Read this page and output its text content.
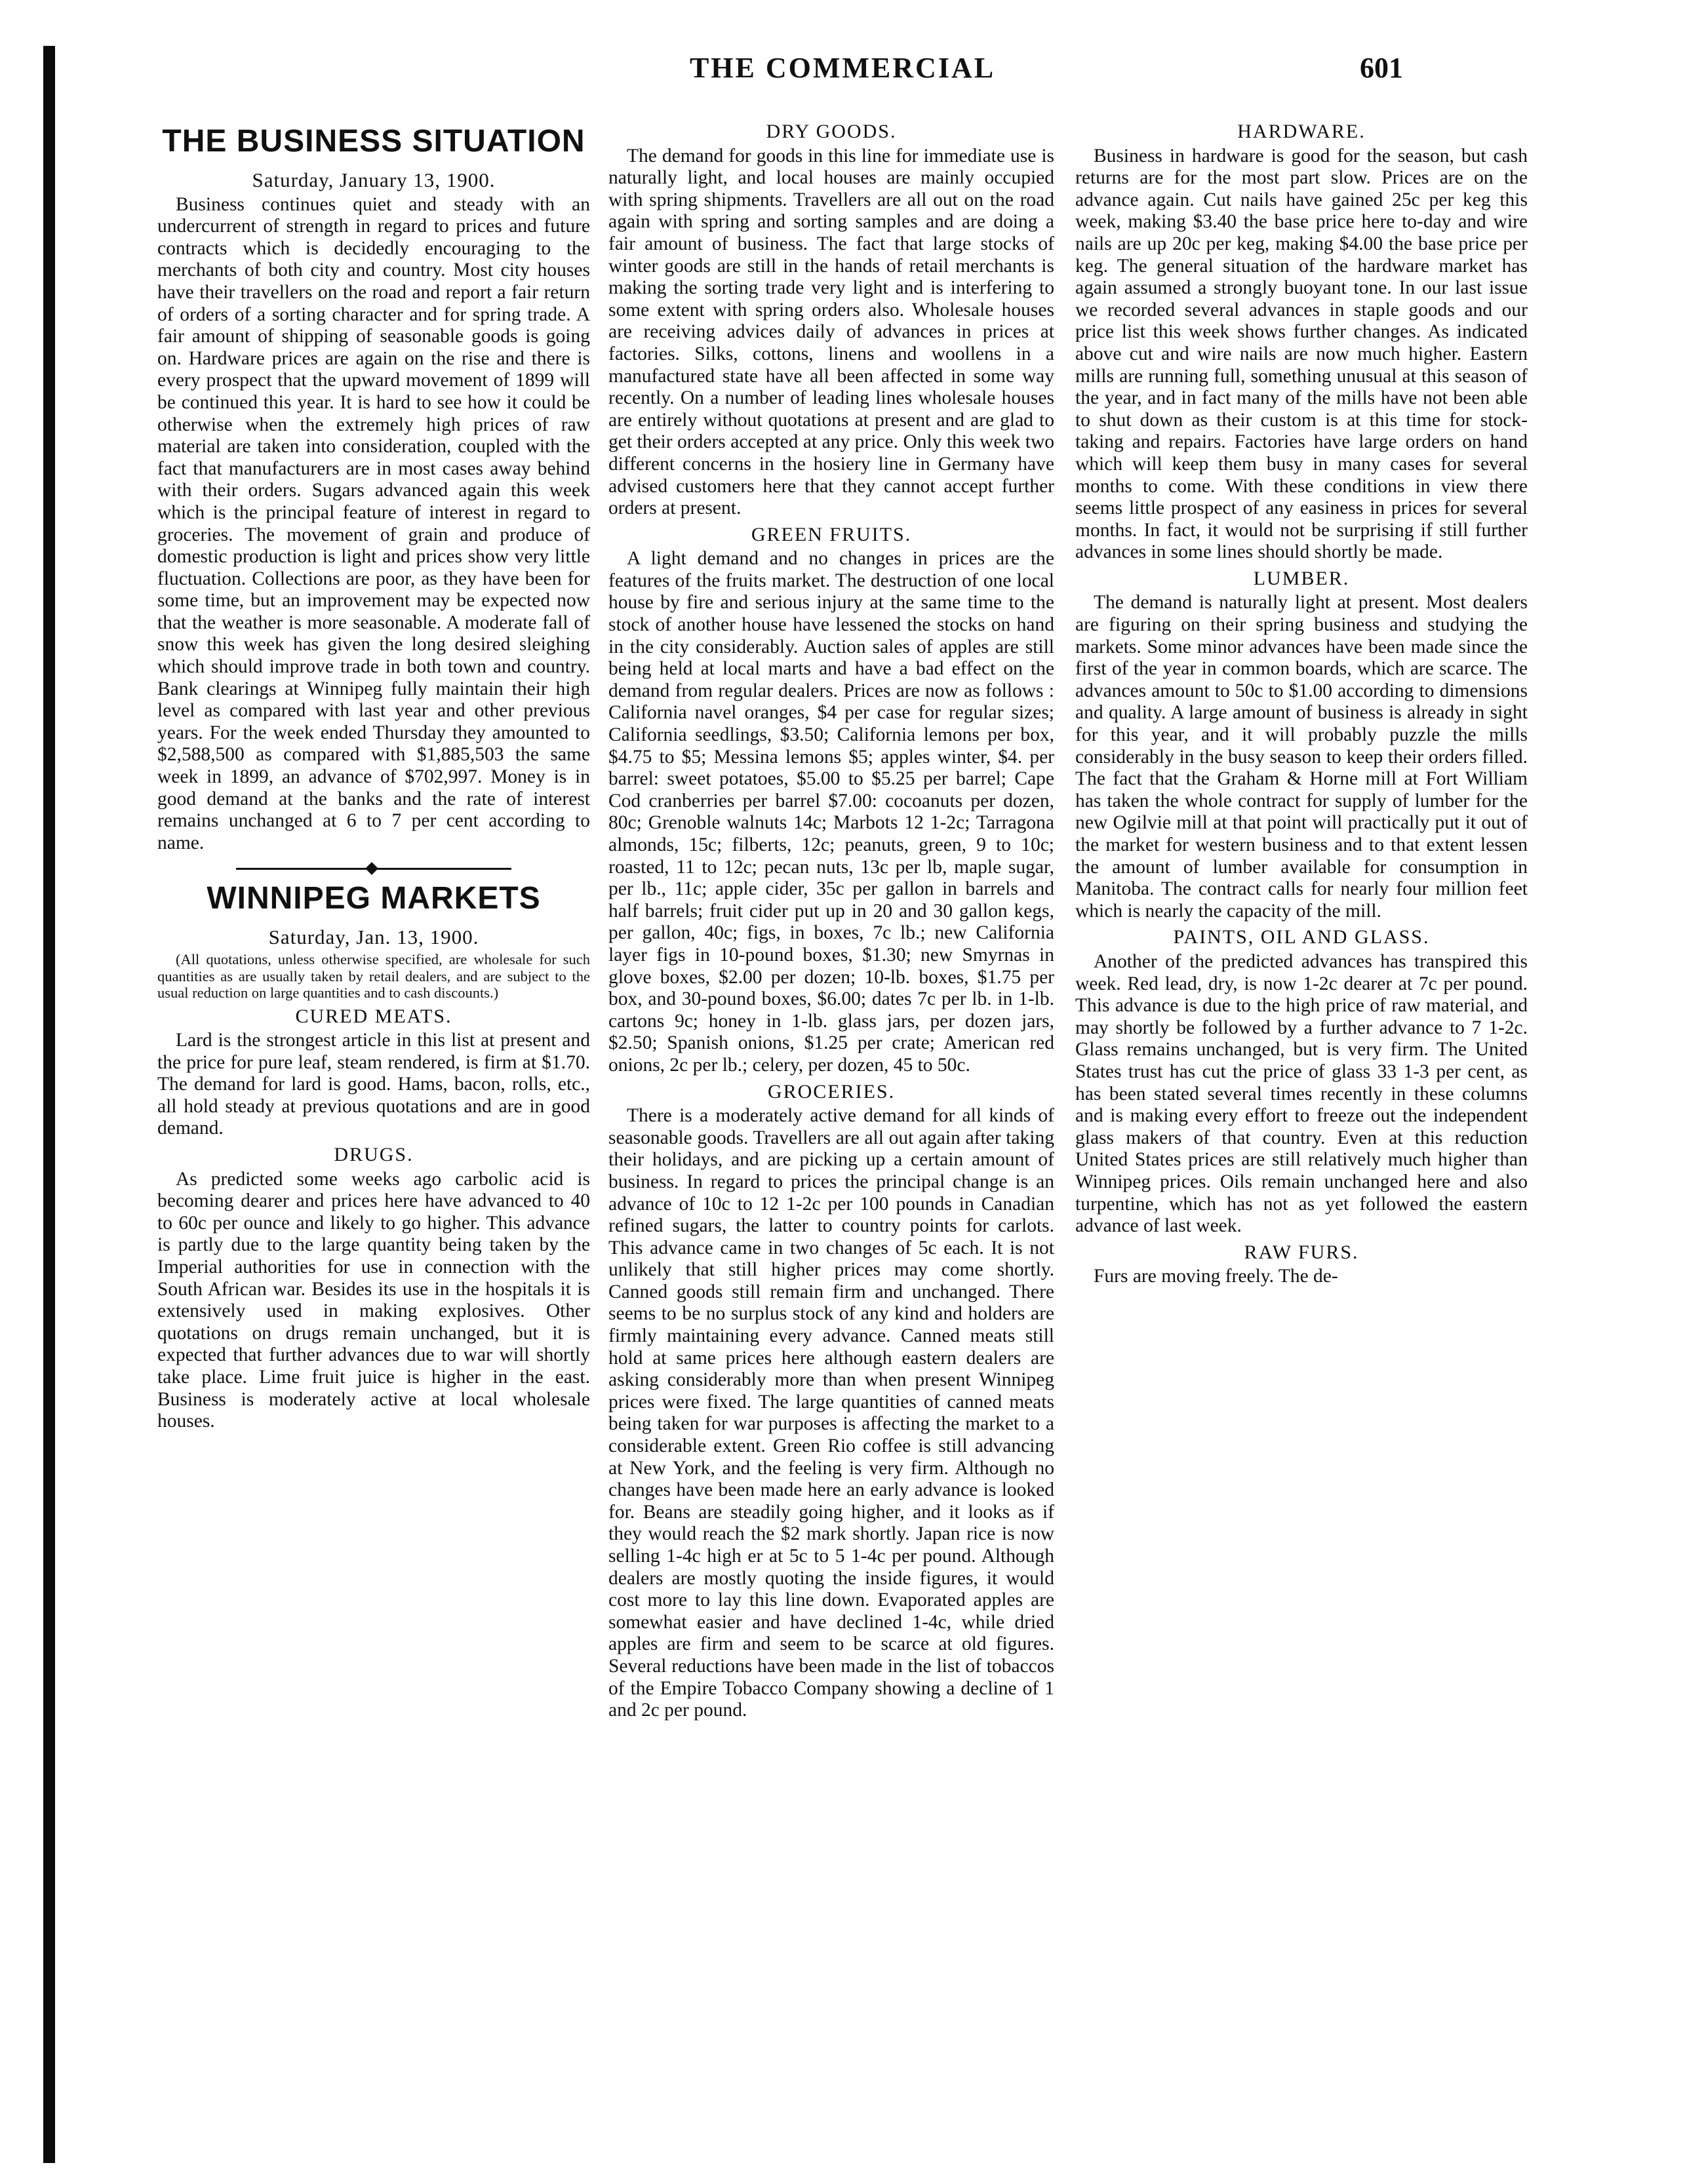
THE COMMERCIAL	601
THE BUSINESS SITUATION
Saturday, January 13, 1900.

Business continues quiet and steady with an undercurrent of strength in regard to prices and future contracts which is decidedly encouraging to the merchants of both city and country. Most city houses have their travellers on the road and report a fair return of orders of a sorting character and for spring trade. A fair amount of shipping of seasonable goods is going on. Hardware prices are again on the rise and there is every prospect that the upward movement of 1899 will be continued this year. It is hard to see how it could be otherwise when the extremely high prices of raw material are taken into consideration, coupled with the fact that manufacturers are in most cases away behind with their orders. Sugars advanced again this week which is the principal feature of interest in regard to groceries. The movement of grain and produce of domestic production is light and prices show very little fluctuation. Collections are poor, as they have been for some time, but an improvement may be expected now that the weather is more seasonable. A moderate fall of snow this week has given the long desired sleighing which should improve trade in both town and country. Bank clearings at Winnipeg fully maintain their high level as compared with last year and other previous years. For the week ended Thursday they amounted to $2,588,500 as compared with $1,885,503 the same week in 1899, an advance of $702,997. Money is in good demand at the banks and the rate of interest remains unchanged at 6 to 7 per cent according to name.

WINNIPEG MARKETS
Saturday, Jan. 13, 1900.

(All quotations, unless otherwise specified, are wholesale for such quantities as are usually taken by retail dealers, and are subject to the usual reduction on large quantities and to cash discounts.)

CURED MEATS.

Lard is the strongest article in this list at present and the price for pure leaf, steam rendered, is firm at $1.70. The demand for lard is good. Hams, bacon, rolls, etc., all hold steady at previous quotations and are in good demand.

DRUGS.

As predicted some weeks ago carbolic acid is becoming dearer and prices here have advanced to 40 to 60c per ounce and likely to go higher. This advance is partly due to the large quantity being taken by the Imperial authorities for use in connection with the South African war. Besides its use in the hospitals it is extensively used in making explosives. Other quotations on drugs remain unchanged, but it is expected that further advances due to war will shortly take place. Lime fruit juice is higher in the east. Business is moderately active at local wholesale houses.

DRY GOODS.

The demand for goods in this line for immediate use is naturally light, and local houses are mainly occupied with spring shipments. Travellers are all out on the road again with spring and sorting samples and are doing a fair amount of business. The fact that large stocks of winter goods are still in the hands of retail merchants is making the sorting trade very light and is interfering to some extent with spring orders also. Wholesale houses are receiving advices daily of advances in prices at factories. Silks, cottons, linens and woollens in a manufactured state have all been affected in some way recently. On a number of leading lines wholesale houses are entirely without quotations at present and are glad to get their orders accepted at any price. Only this week two different concerns in the hosiery line in Germany have advised customers here that they cannot accept further orders at present.

GREEN FRUITS.

A light demand and no changes in prices are the features of the fruits market. The destruction of one local house by fire and serious injury at the same time to the stock of another house have lessened the stocks on hand in the city considerably. Auction sales of apples are still being held at local marts and have a bad effect on the demand from regular dealers. Prices are now as follows : California navel oranges, $4 per case for regular sizes; California seedlings, $3.50; California lemons per box, $4.75 to $5; Messina lemons $5; apples winter, $4. per barrel: sweet potatoes, $5.00 to $5.25 per barrel; Cape Cod cranberries per barrel $7.00: cocoanuts per dozen, 80c; Grenoble walnuts 14c; Marbots 12 1-2c; Tarragona almonds, 15c; filberts, 12c; peanuts, green, 9 to 10c; roasted, 11 to 12c; pecan nuts, 13c per lb, maple sugar, per lb., 11c; apple cider, 35c per gallon in barrels and half barrels; fruit cider put up in 20 and 30 gallon kegs, per gallon, 40c; figs, in boxes, 7c lb.; new California layer figs in 10-pound boxes, $1.30; new Smyrnas in glove boxes, $2.00 per dozen; 10-lb. boxes, $1.75 per box, and 30-pound boxes, $6.00; dates 7c per lb. in 1-lb. cartons 9c; honey in 1-lb. glass jars, per dozen jars, $2.50; Spanish onions, $1.25 per crate; American red onions, 2c per lb.; celery, per dozen, 45 to 50c.

GROCERIES.

There is a moderately active demand for all kinds of seasonable goods. Travellers are all out again after taking their holidays, and are picking up a certain amount of business. In regard to prices the principal change is an advance of 10c to 12 1-2c per 100 pounds in Canadian refined sugars, the latter to country points for carlots. This advance came in two changes of 5c each. It is not unlikely that still higher prices may come shortly. Canned goods still remain firm and unchanged. There seems to be no surplus stock of any kind and holders are firmly maintaining every advance. Canned meats still hold at same prices here although eastern dealers are asking considerably more than when present Winnipeg prices were fixed. The large quantities of canned meats being taken for war purposes is affecting the market to a considerable extent. Green Rio coffee is still advancing at New York, and the feeling is very firm. Although no changes have been made here an early advance is looked for. Beans are steadily going higher, and it looks as if they would reach the $2 mark shortly. Japan rice is now selling 1-4c high er at 5c to 5 1-4c per pound. Although dealers are mostly quoting the inside figures, it would cost more to lay this line down. Evaporated apples are somewhat easier and have declined 1-4c, while dried apples are firm and seem to be scarce at old figures. Several reductions have been made in the list of tobaccos of the Empire Tobacco Company showing a decline of 1 and 2c per pound.

HARDWARE.

Business in hardware is good for the season, but cash returns are for the most part slow. Prices are on the advance again. Cut nails have gained 25c per keg this week, making $3.40 the base price here to-day and wire nails are up 20c per keg, making $4.00 the base price per keg. The general situation of the hardware market has again assumed a strongly buoyant tone. In our last issue we recorded several advances in staple goods and our price list this week shows further changes. As indicated above cut and wire nails are now much higher. Eastern mills are running full, something unusual at this season of the year, and in fact many of the mills have not been able to shut down as their custom is at this time for stock-taking and repairs. Factories have large orders on hand which will keep them busy in many cases for several months to come. With these conditions in view there seems little prospect of any easiness in prices for several months. In fact, it would not be surprising if still further advances in some lines should shortly be made.

LUMBER.

The demand is naturally light at present. Most dealers are figuring on their spring business and studying the markets. Some minor advances have been made since the first of the year in common boards, which are scarce. The advances amount to 50c to $1.00 according to dimensions and quality. A large amount of business is already in sight for this year, and it will probably puzzle the mills considerably in the busy season to keep their orders filled. The fact that the Graham & Horne mill at Fort William has taken the whole contract for supply of lumber for the new Ogilvie mill at that point will practically put it out of the market for western business and to that extent lessen the amount of lumber available for consumption in Manitoba. The contract calls for nearly four million feet which is nearly the capacity of the mill.

PAINTS, OIL AND GLASS.

Another of the predicted advances has transpired this week. Red lead, dry, is now 1-2c dearer at 7c per pound. This advance is due to the high price of raw material, and may shortly be followed by a further advance to 7 1-2c. Glass remains unchanged, but is very firm. The United States trust has cut the price of glass 33 1-3 per cent, as has been stated several times recently in these columns and is making every effort to freeze out the independent glass makers of that country. Even at this reduction United States prices are still relatively much higher than Winnipeg prices. Oils remain unchanged here and also turpentine, which has not as yet followed the eastern advance of last week.

RAW FURS.

Furs are moving freely. The de-
